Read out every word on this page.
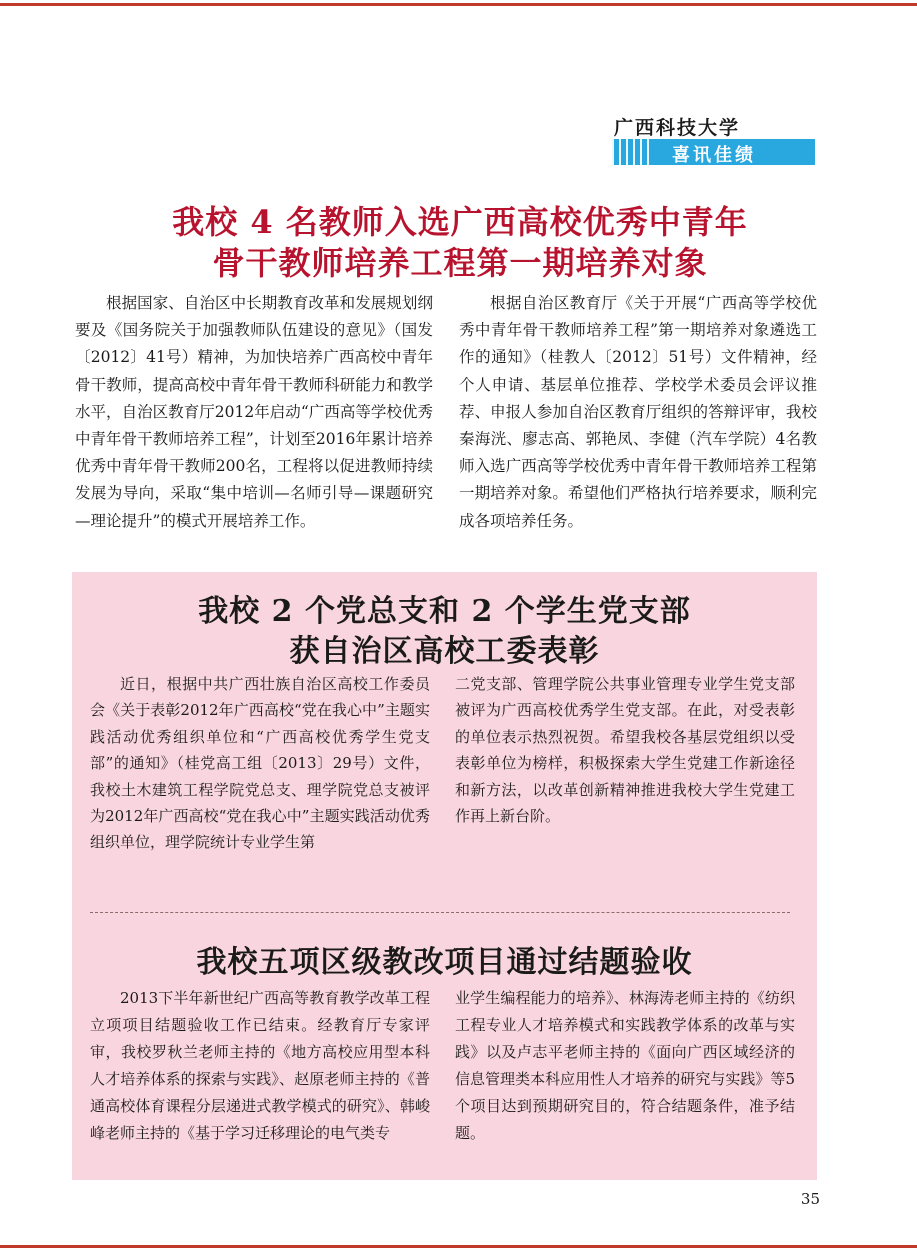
广西科技大学
喜讯佳绩
我校 4 名教师入选广西高校优秀中青年
骨干教师培养工程第一期培养对象
根据国家、自治区中长期教育改革和发展规划纲要及《国务院关于加强教师队伍建设的意见》（国发〔2012〕41号）精神，为加快培养广西高校中青年骨干教师，提高高校中青年骨干教师科研能力和教学水平，自治区教育厅2012年启动“广西高等学校优秀中青年骨干教师培养工程”，计划至2016年累计培养优秀中青年骨干教师200名，工程将以促进教师持续发展为导向，采取“集中培训—名师引导—课题研究—理论提升”的模式开展培养工作。
根据自治区教育厅《关于开展“广西高等学校优秀中青年骨干教师培养工程”第一期培养对象遴选工作的通知》（桂教人〔2012〕51号）文件精神，经个人申请、基层单位推荐、学校学术委员会评议推荐、申报人参加自治区教育厅组织的答辩评审，我校秦海洸、廖志高、郭艳凤、李健（汽车学院）4名教师入选广西高等学校优秀中青年骨干教师培养工程第一期培养对象。希望他们严格执行培养要求，顺利完成各项培养任务。
我校 2 个党总支和 2 个学生党支部
获自治区高校工委表彰
近日，根据中共广西壮族自治区高校工作委员会《关于表彰2012年广西高校“党在我心中”主题实践活动优秀组织单位和“广西高校优秀学生党支部”的通知》（桂党高工组〔2013〕29号）文件，我校土木建筑工程学院党总支、理学院党总支被评为2012年广西高校“党在我心中”主题实践活动优秀组织单位，理学院统计专业学生第
二党支部、管理学院公共事业管理专业学生党支部被评为广西高校优秀学生党支部。在此，对受表彰的单位表示热烈祝贺。希望我校各基层党组织以受表彰单位为榜样，积极探索大学生党建工作新途径和新方法，以改革创新精神推进我校大学生党建工作再上新台阶。
我校五项区级教改项目通过结题验收
2013下半年新世纪广西高等教育教学改革工程立项项目结题验收工作已结束。经教育厅专家评审，我校罗秋兰老师主持的《地方高校应用型本科人才培养体系的探索与实践》、赵原老师主持的《普通高校体育课程分层递进式教学模式的研究》、韩峻峰老师主持的《基于学习迁移理论的电气类专
业学生编程能力的培养》、林海涛老师主持的《纺织工程专业人才培养模式和实践教学体系的改革与实践》以及卢志平老师主持的《面向广西区域经济的信息管理类本科应用性人才培养的研究与实践》等5个项目达到预期研究目的，符合结题条件，准予结题。
35
